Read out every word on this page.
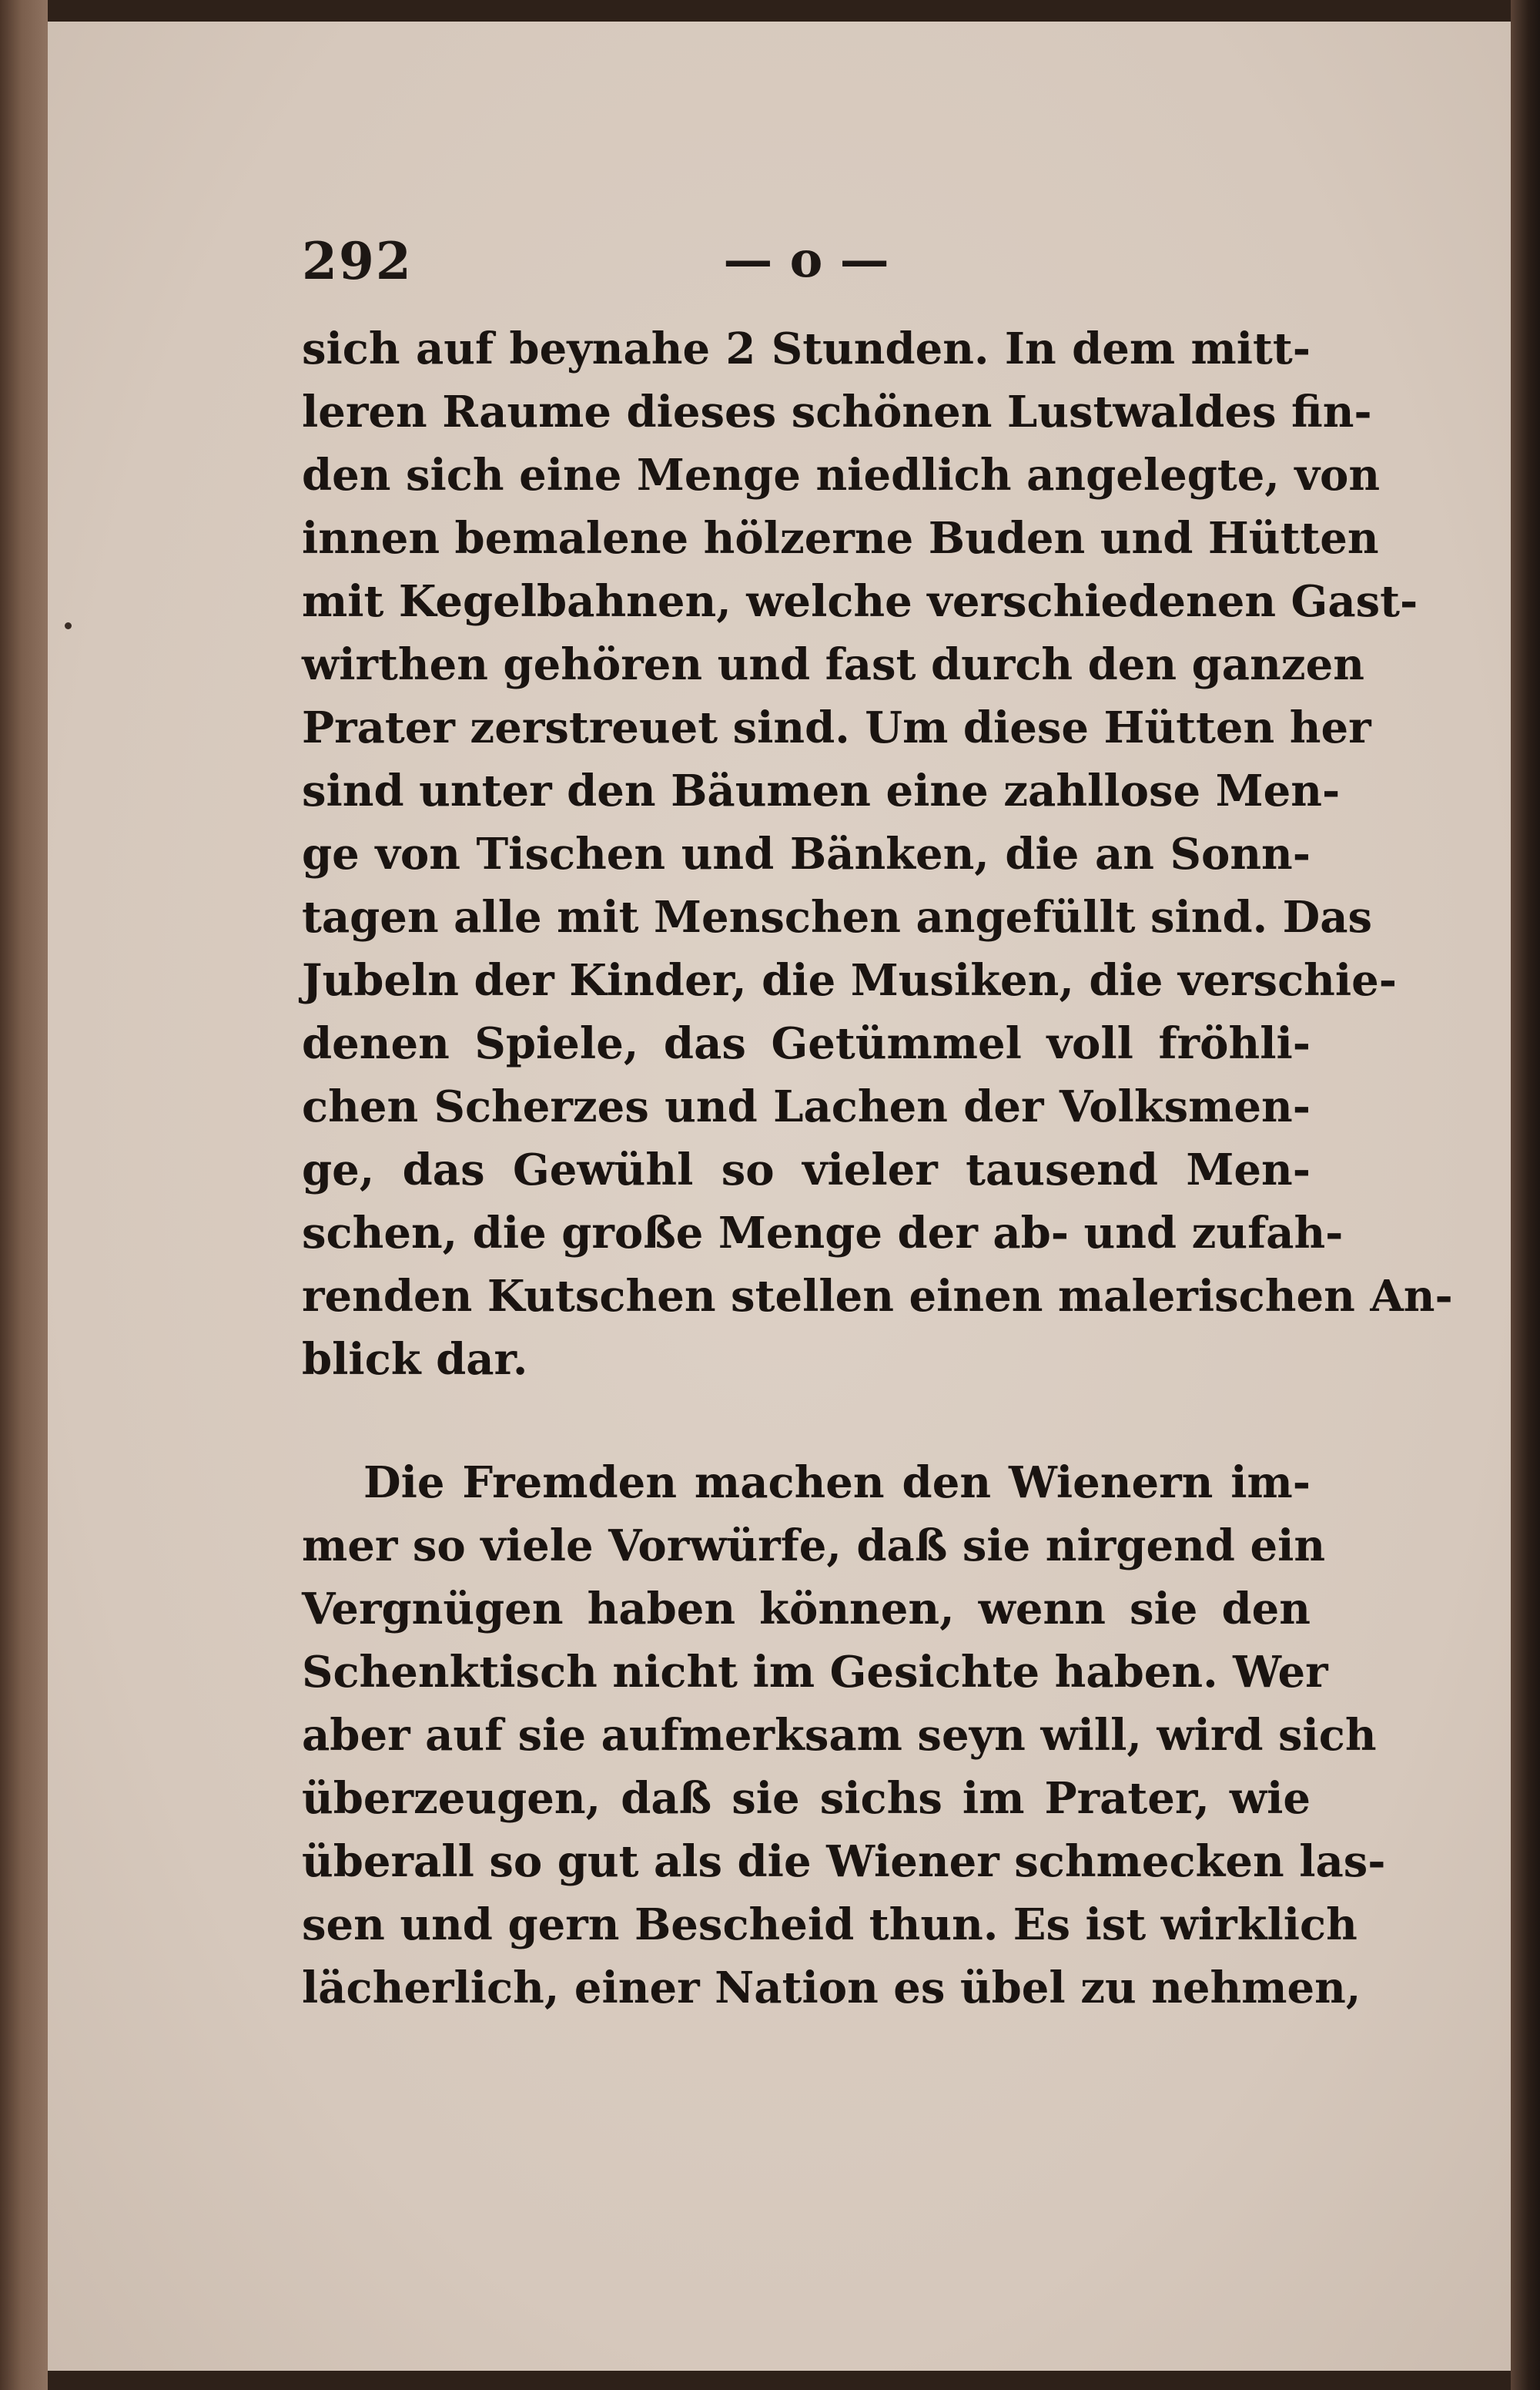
292	— o —
sich auf beynahe 2 Stunden. In dem mitt-
leren Raume dieses schönen Lustwaldes fin-
den sich eine Menge niedlich angelegte, von
innen bemalene hölzerne Buden und Hütten
mit Kegelbahnen, welche verschiedenen Gast-
wirthen gehören und fast durch den ganzen
Prater zerstreuet sind. Um diese Hütten her
sind unter den Bäumen eine zahllose Men-
ge von Tischen und Bänken, die an Sonn-
tagen alle mit Menschen angefüllt sind. Das
Jubeln der Kinder, die Musiken, die verschie-
denen Spiele, das Getümmel voll fröhli-
chen Scherzes und Lachen der Volksmen-
ge, das Gewühl so vieler tausend Men-
schen, die große Menge der ab- und zufah-
renden Kutschen stellen einen malerischen An-
blick dar.
Die Fremden machen den Wienern im-
mer so viele Vorwürfe, daß sie nirgend ein
Vergnügen haben können, wenn sie den
Schenktisch nicht im Gesichte haben. Wer
aber auf sie aufmerksam seyn will, wird sich
überzeugen, daß sie sichs im Prater, wie
überall so gut als die Wiener schmecken las-
sen und gern Bescheid thun. Es ist wirklich
lächerlich, einer Nation es übel zu nehmen,
